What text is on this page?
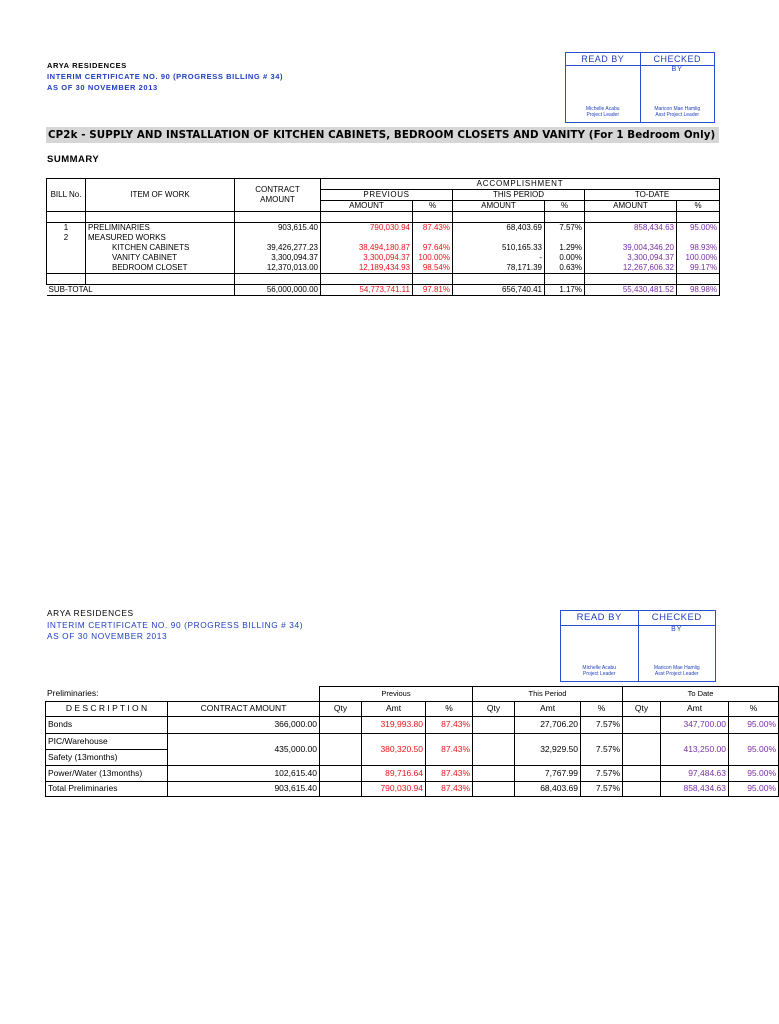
ARYA RESIDENCES
INTERIM CERTIFICATE NO. 90 (PROGRESS BILLING # 34)
AS OF 30 NOVEMBER 2013
READ BY
Michelle Acabu
Project Leader
CHECKED
BY
Maricon Mae Hamlig
Asst Project Leader
CP2k - SUPPLY AND INSTALLATION OF KITCHEN CABINETS, BEDROOM CLOSETS AND VANITY (For 1 Bedroom Only)
SUMMARY
BILL No.	ITEM OF WORK	CONTRACT
AMOUNT	ACCOMPLISHMENT					
			PREVIOUS		THIS PERIOD		TO-DATE	
			AMOUNT	%	AMOUNT	%	AMOUNT	%

1	PRELIMINARIES	903,615.40	790,030.94	87.43%	68,403.69	7.57%	858,434.63	95.00%
2	MEASURED WORKS							
	KITCHEN CABINETS	39,426,277.23	38,494,180.87	97.64%	510,165.33	1.29%	39,004,346.20	98.93%
	VANITY CABINET	3,300,094.37	3,300,094.37	100.00%	-	0.00%	3,300,094.37	100.00%
	BEDROOM CLOSET	12,370,013.00	12,189,434.93	98.54%	78,171.39	0.63%	12,267,606.32	99.17%

SUB-TOTAL		56,000,000.00	54,773,741.11	97.81%	656,740.41	1.17%	55,430,481.52	98.98%
ARYA RESIDENCES
INTERIM CERTIFICATE NO. 90 (PROGRESS BILLING # 34)
AS OF 30 NOVEMBER 2013
READ BY
Michelle Acabu
Project Leader
CHECKED
BY
Maricon Mae Hamlig
Asst Project Leader
Preliminaries:
			Previous			This Period			To Date		
D E S C R I P T I O N	CONTRACT AMOUNT	Qty	Amt	%	Qty	Amt	%	Qty	Amt	%
Bonds	366,000.00		319,993.80	87.43%		27,706.20	7.57%		347,700.00	95.00%

PIC/Warehouse
Safety (13months)	435,000.00		380,320.50	87.43%		32,929.50	7.57%		413,250.00	95.00%
Power/Water (13months)	102,615.40		89,716.64	87.43%		7,767.99	7.57%		97,484.63	95.00%
Total Preliminaries	903,615.40		790,030.94	87.43%		68,403.69	7.57%		858,434.63	95.00%
